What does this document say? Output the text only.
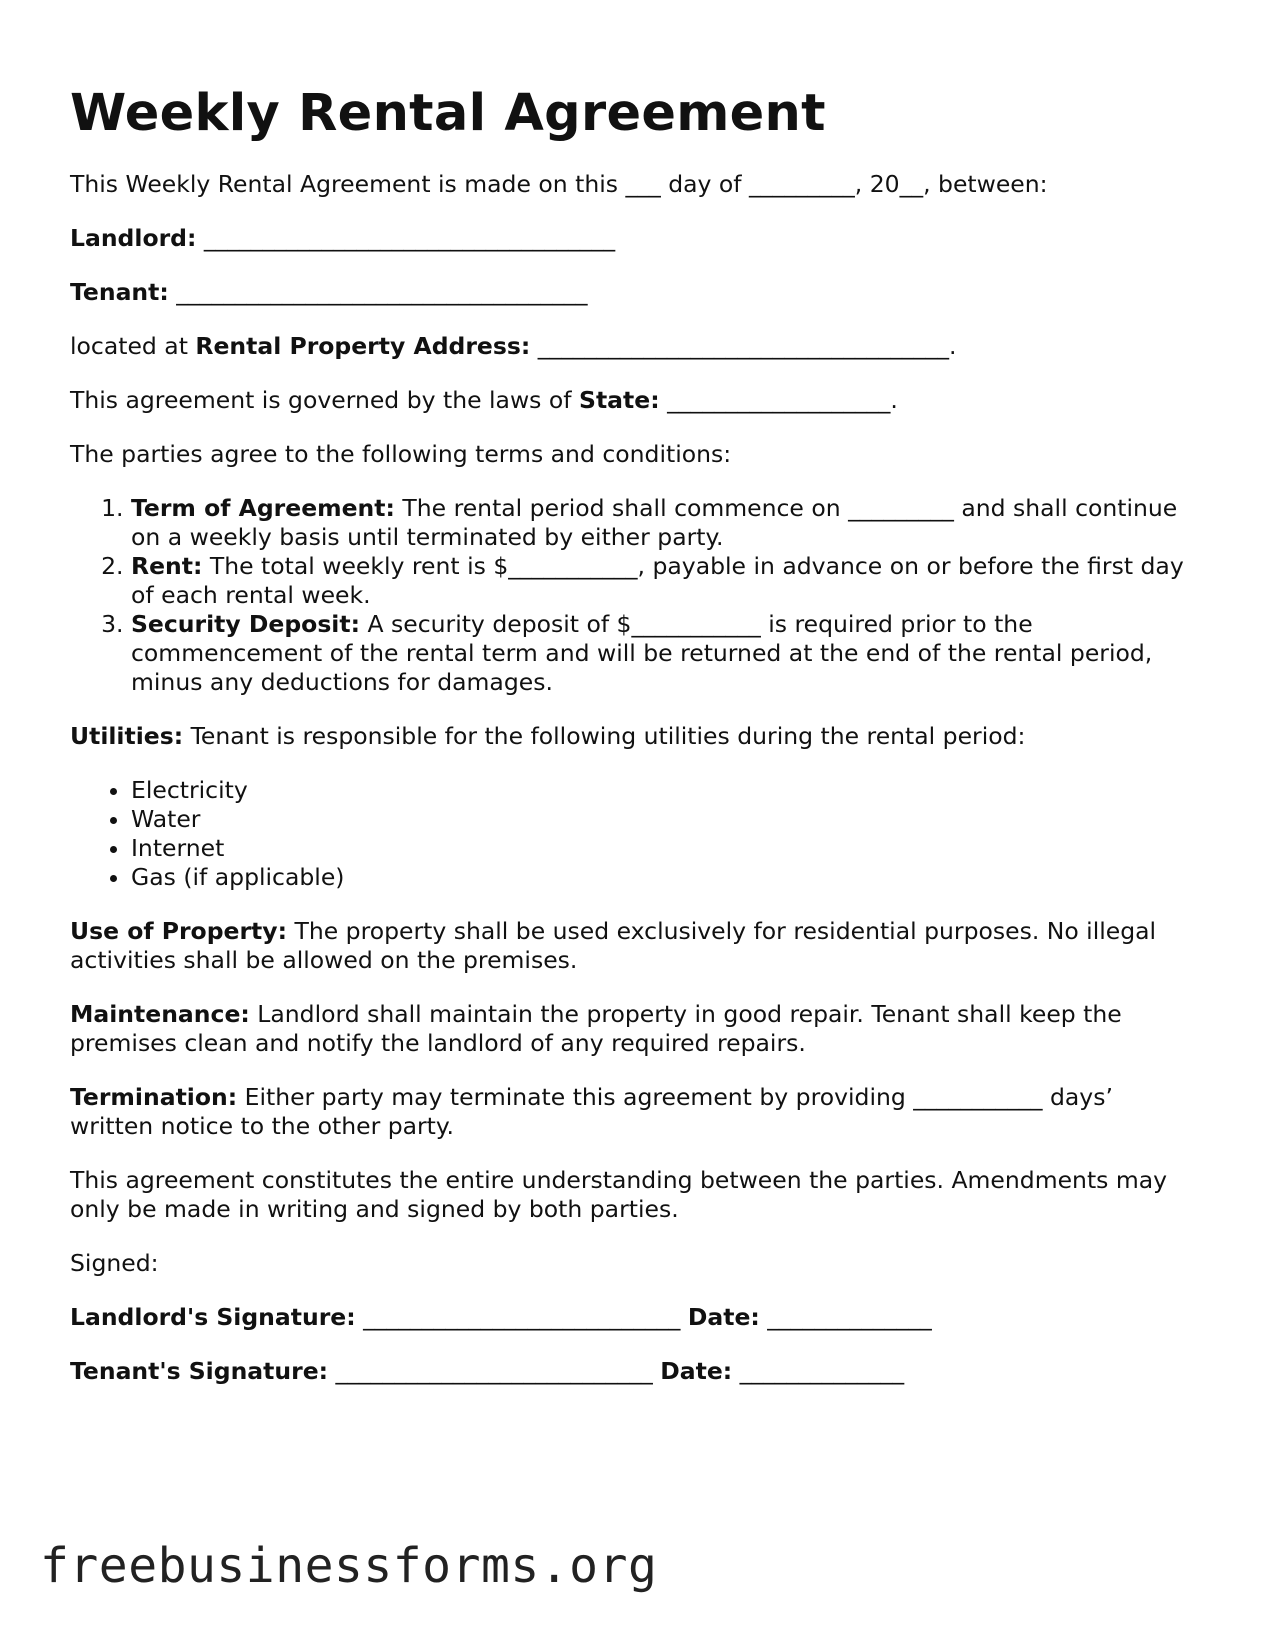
Weekly Rental Agreement

This Weekly Rental Agreement is made on this ___ day of _________, 20__, between:

Landlord: ___________________________________

Tenant: ___________________________________

located at Rental Property Address: ___________________________________.

This agreement is governed by the laws of State: ___________________.

The parties agree to the following terms and conditions:

1. Term of Agreement: The rental period shall commence on _________ and shall continue on a weekly basis until terminated by either party.
2. Rent: The total weekly rent is $___________, payable in advance on or before the first day of each rental week.
3. Security Deposit: A security deposit of $___________ is required prior to the commencement of the rental term and will be returned at the end of the rental period, minus any deductions for damages.

Utilities: Tenant is responsible for the following utilities during the rental period:

• Electricity
• Water
• Internet
• Gas (if applicable)

Use of Property: The property shall be used exclusively for residential purposes. No illegal activities shall be allowed on the premises.

Maintenance: Landlord shall maintain the property in good repair. Tenant shall keep the premises clean and notify the landlord of any required repairs.

Termination: Either party may terminate this agreement by providing ___________ days’ written notice to the other party.

This agreement constitutes the entire understanding between the parties. Amendments may only be made in writing and signed by both parties.

Signed:

Landlord's Signature: ___________________________ Date: ______________

Tenant's Signature: ___________________________ Date: ______________

freebusinessforms.org
